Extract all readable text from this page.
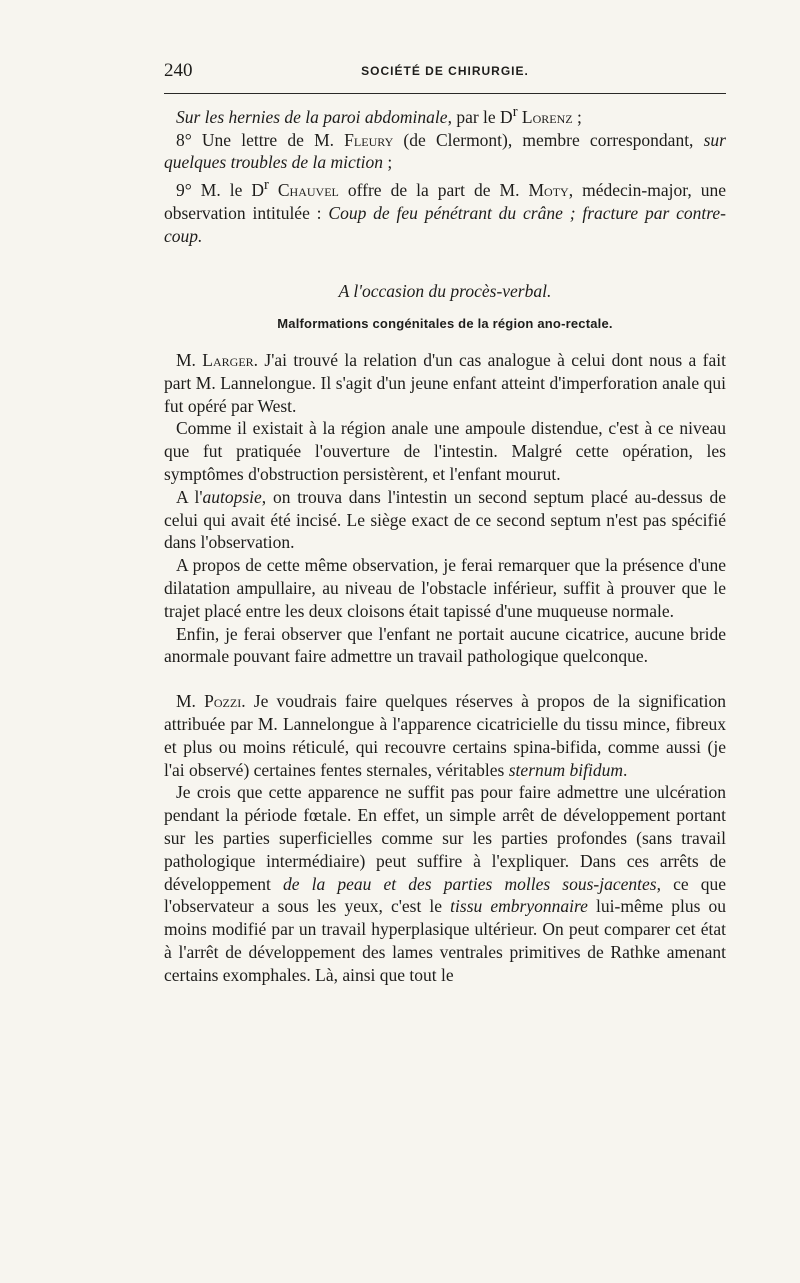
240	SOCIÉTÉ DE CHIRURGIE.

Sur les hernies de la paroi abdominale, par le $D^r$ Lorenz ;

8° Une lettre de M. Fleury (de Clermont), membre correspondant, sur quelques troubles de la miction ;

9° M. le $D^r$ Chauvel offre de la part de M. Moty, médecin-major, une observation intitulée : Coup de feu pénétrant du crâne ; fracture par contre-coup.

A l'occasion du procès-verbal.

Malformations congénitales de la région ano-rectale.

M. Larger. J'ai trouvé la relation d'un cas analogue à celui dont nous a fait part M. Lannelongue. Il s'agit d'un jeune enfant atteint d'imperforation anale qui fut opéré par West.

Comme il existait à la région anale une ampoule distendue, c'est à ce niveau que fut pratiquée l'ouverture de l'intestin. Malgré cette opération, les symptômes d'obstruction persistèrent, et l'enfant mourut.

A l'autopsie, on trouva dans l'intestin un second septum placé au-dessus de celui qui avait été incisé. Le siège exact de ce second septum n'est pas spécifié dans l'observation.

A propos de cette même observation, je ferai remarquer que la présence d'une dilatation ampullaire, au niveau de l'obstacle inférieur, suffit à prouver que le trajet placé entre les deux cloisons était tapissé d'une muqueuse normale.

Enfin, je ferai observer que l'enfant ne portait aucune cicatrice, aucune bride anormale pouvant faire admettre un travail pathologique quelconque.

M. Pozzi. Je voudrais faire quelques réserves à propos de la signification attribuée par M. Lannelongue à l'apparence cicatricielle du tissu mince, fibreux et plus ou moins réticulé, qui recouvre certains spina-bifida, comme aussi (je l'ai observé) certaines fentes sternales, véritables sternum bifidum.

Je crois que cette apparence ne suffit pas pour faire admettre une ulcération pendant la période fœtale. En effet, un simple arrêt de développement portant sur les parties superficielles comme sur les parties profondes (sans travail pathologique intermédiaire) peut suffire à l'expliquer. Dans ces arrêts de développement de la peau et des parties molles sous-jacentes, ce que l'observateur a sous les yeux, c'est le tissu embryonnaire lui-même plus ou moins modifié par un travail hyperplasique ultérieur. On peut comparer cet état à l'arrêt de développement des lames ventrales primitives de Rathke amenant certains exomphales. Là, ainsi que tout le
